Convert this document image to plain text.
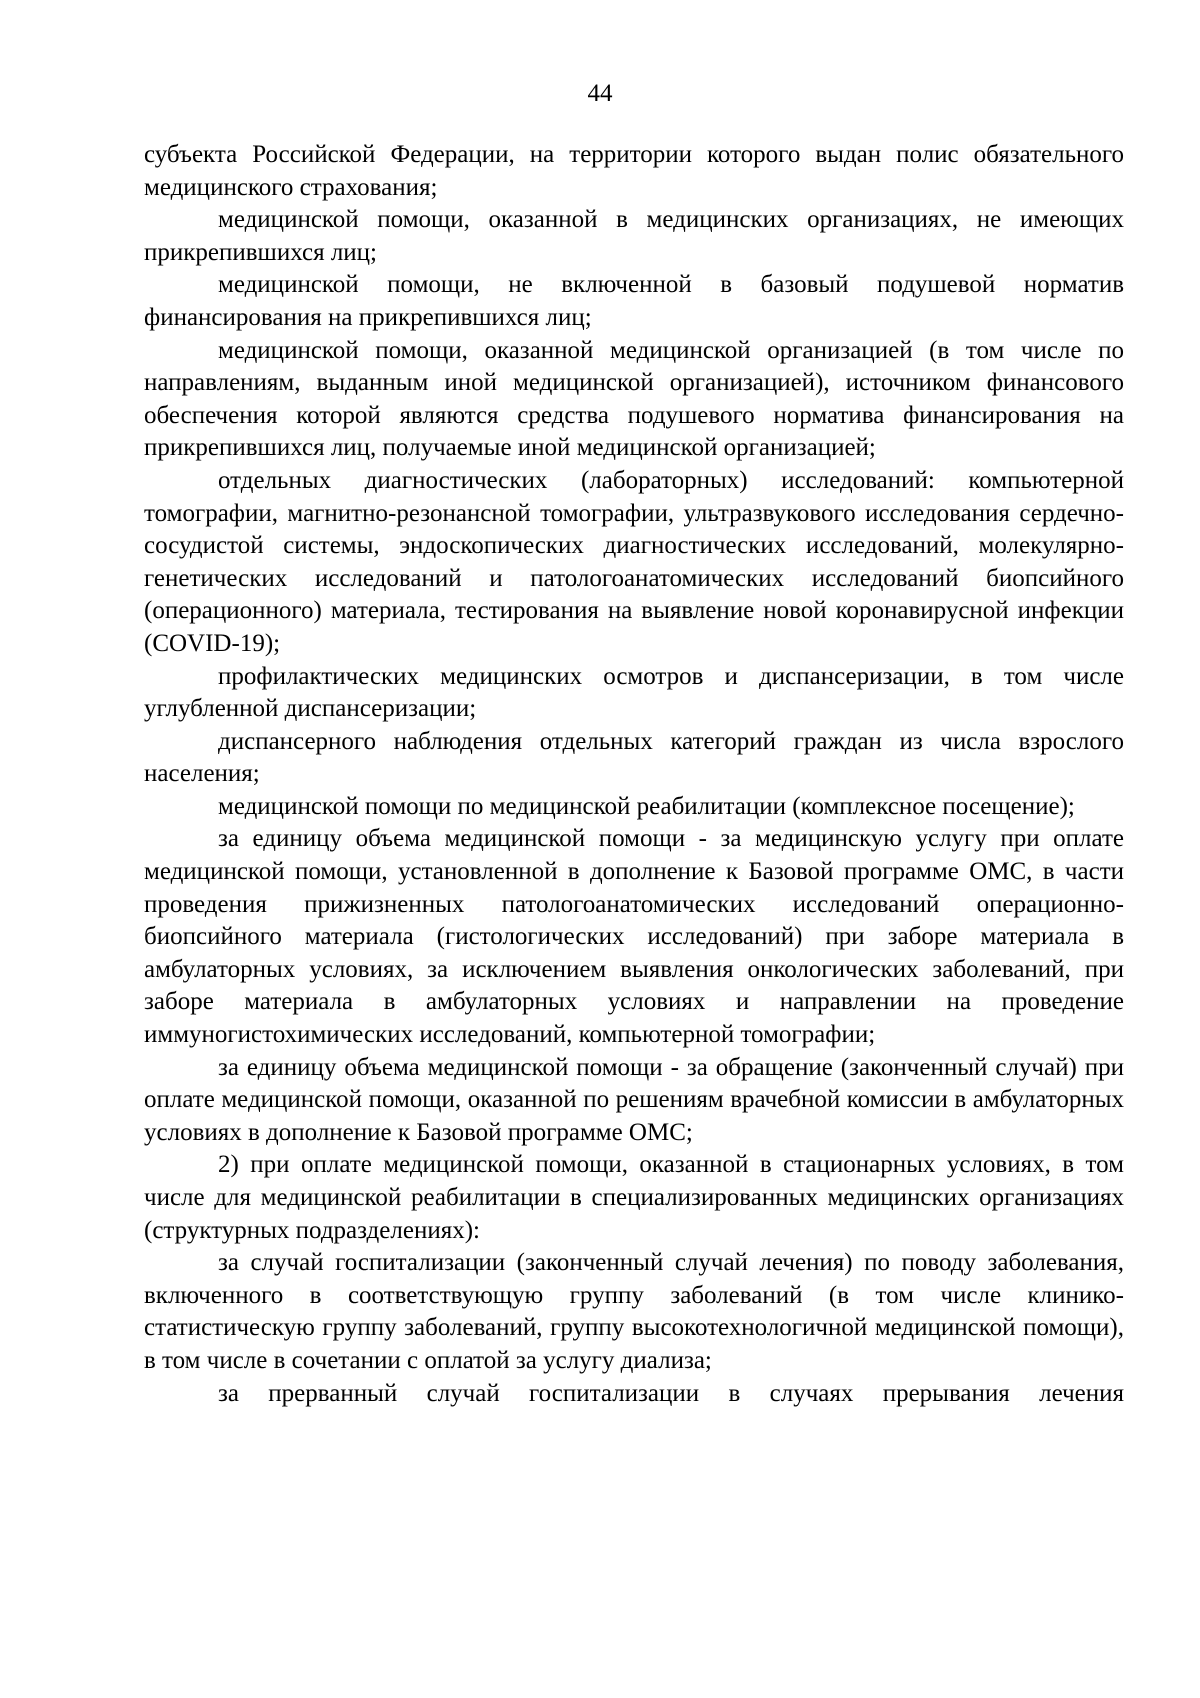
44

субъекта Российской Федерации, на территории которого выдан полис обязательного медицинского страхования;

медицинской помощи, оказанной в медицинских организациях, не имеющих прикрепившихся лиц;

медицинской помощи, не включенной в базовый подушевой норматив финансирования на прикрепившихся лиц;

медицинской помощи, оказанной медицинской организацией (в том числе по направлениям, выданным иной медицинской организацией), источником финансового обеспечения которой являются средства подушевого норматива финансирования на прикрепившихся лиц, получаемые иной медицинской организацией;

отдельных диагностических (лабораторных) исследований: компьютерной томографии, магнитно-резонансной томографии, ультразвукового исследования сердечно-сосудистой системы, эндоскопических диагностических исследований, молекулярно-генетических исследований и патологоанатомических исследований биопсийного (операционного) материала, тестирования на выявление новой коронавирусной инфекции (COVID-19);

профилактических медицинских осмотров и диспансеризации, в том числе углубленной диспансеризации;

диспансерного наблюдения отдельных категорий граждан из числа взрослого населения;

медицинской помощи по медицинской реабилитации (комплексное посещение);

за единицу объема медицинской помощи - за медицинскую услугу при оплате медицинской помощи, установленной в дополнение к Базовой программе ОМС, в части проведения прижизненных патологоанатомических исследований операционно-биопсийного материала (гистологических исследований) при заборе материала в амбулаторных условиях, за исключением выявления онкологических заболеваний, при заборе материала в амбулаторных условиях и направлении на проведение иммуногистохимических исследований, компьютерной томографии;

за единицу объема медицинской помощи - за обращение (законченный случай) при оплате медицинской помощи, оказанной по решениям врачебной комиссии в амбулаторных условиях в дополнение к Базовой программе ОМС;

2) при оплате медицинской помощи, оказанной в стационарных условиях, в том числе для медицинской реабилитации в специализированных медицинских организациях (структурных подразделениях):

за случай госпитализации (законченный случай лечения) по поводу заболевания, включенного в соответствующую группу заболеваний (в том числе клинико-статистическую группу заболеваний, группу высокотехнологичной медицинской помощи), в том числе в сочетании с оплатой за услугу диализа;

за прерванный случай госпитализации в случаях прерывания лечения
